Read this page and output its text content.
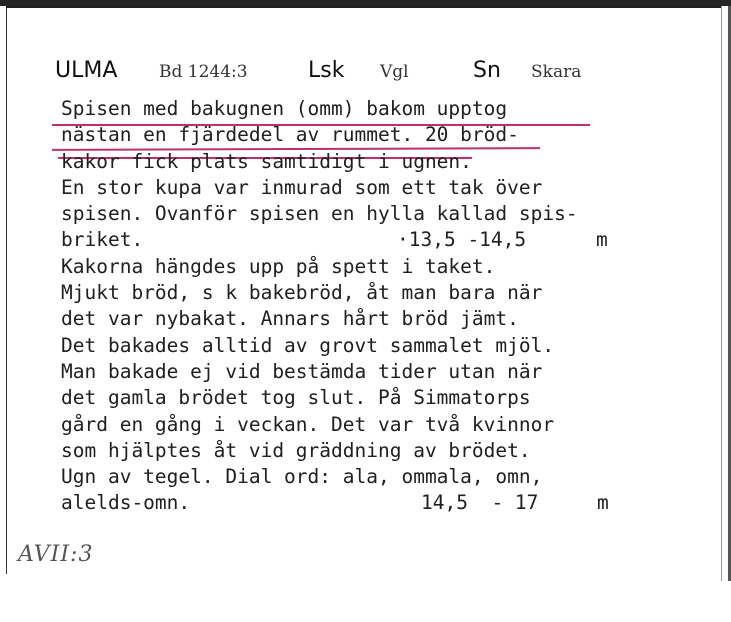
ULMA Bd 1244:3	Lsk Vgl	Sn Skara
Spisen med bakugnen (omm) bakom upptog
nästan en fjärdedel av rummet. 20 bröd-
kakor fick plats samtidigt i ugnen.
En stor kupa var inmurad som ett tak över
spisen. Ovanför spisen en hylla kallad spis-

briket.

	·13,5 -14,5

	m

Kakorna hängdes upp på spett i taket.
Mjukt bröd, s k bakebröd, åt man bara när
det var nybakat. Annars hårt bröd jämt.
Det bakades alltid av grovt sammalet mjöl.
Man bakade ej vid bestämda tider utan när
det gamla brödet tog slut. På Simmatorps
gård en gång i veckan. Det var två kvinnor
som hjälptes åt vid gräddning av brödet.
Ugn av tegel. Dial ord: ala, ommala, omn,

alelds-omn.

	14,5  - 17

	m

AVII:3
